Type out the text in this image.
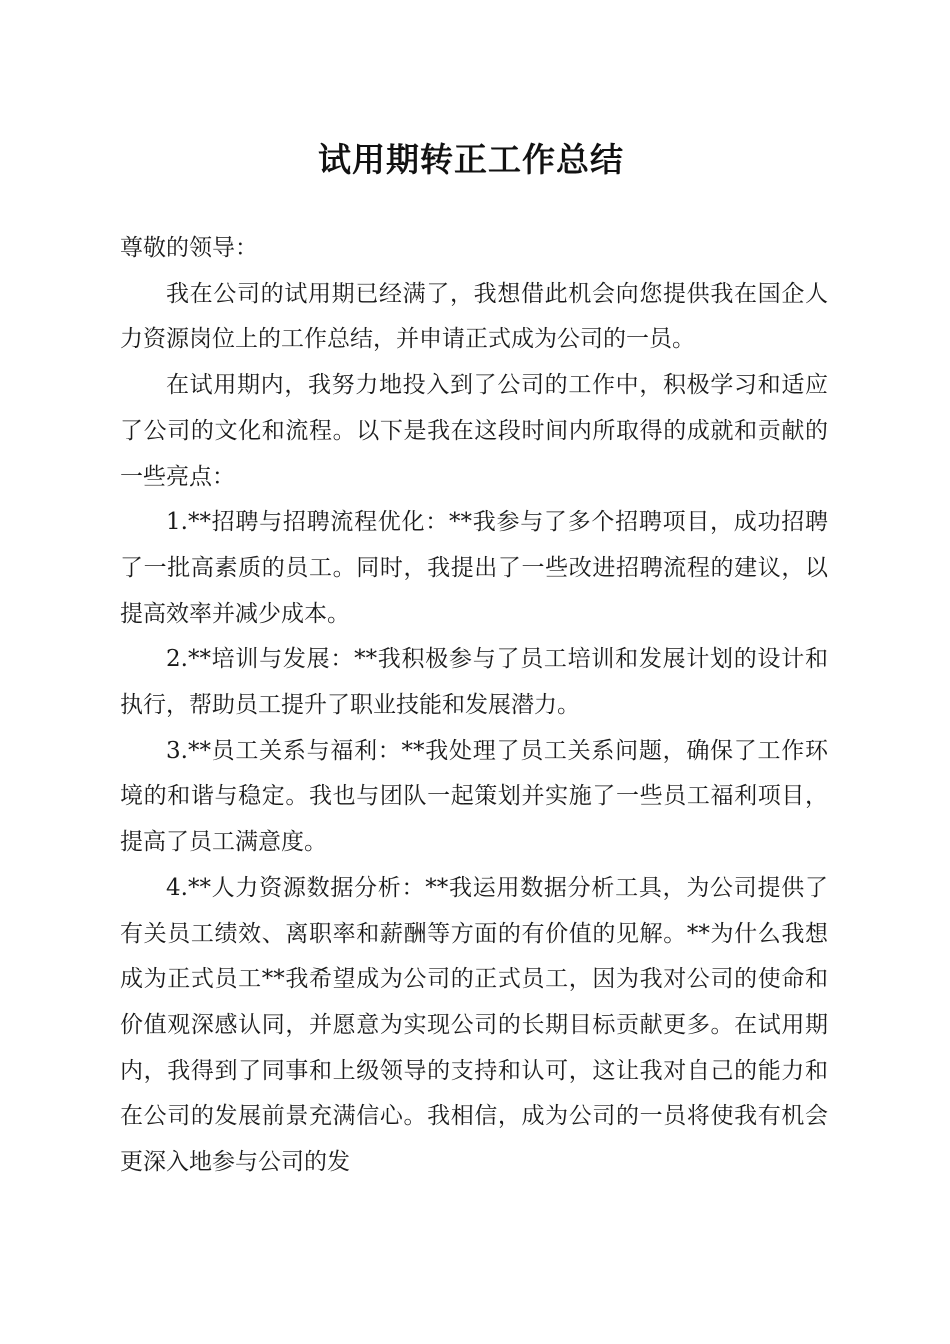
试用期转正工作总结

尊敬的领导：

我在公司的试用期已经满了，我想借此机会向您提供我在国企人力资源岗位上的工作总结，并申请正式成为公司的一员。

在试用期内，我努力地投入到了公司的工作中，积极学习和适应了公司的文化和流程。以下是我在这段时间内所取得的成就和贡献的一些亮点：

1.**招聘与招聘流程优化：**我参与了多个招聘项目，成功招聘了一批高素质的员工。同时，我提出了一些改进招聘流程的建议，以提高效率并减少成本。

2.**培训与发展：**我积极参与了员工培训和发展计划的设计和执行，帮助员工提升了职业技能和发展潜力。

3.**员工关系与福利：**我处理了员工关系问题，确保了工作环境的和谐与稳定。我也与团队一起策划并实施了一些员工福利项目，提高了员工满意度。

4.**人力资源数据分析：**我运用数据分析工具，为公司提供了有关员工绩效、离职率和薪酬等方面的有价值的见解。**为什么我想成为正式员工**我希望成为公司的正式员工，因为我对公司的使命和价值观深感认同，并愿意为实现公司的长期目标贡献更多。在试用期内，我得到了同事和上级领导的支持和认可，这让我对自己的能力和在公司的发展前景充满信心。我相信，成为公司的一员将使我有机会更深入地参与公司的发
